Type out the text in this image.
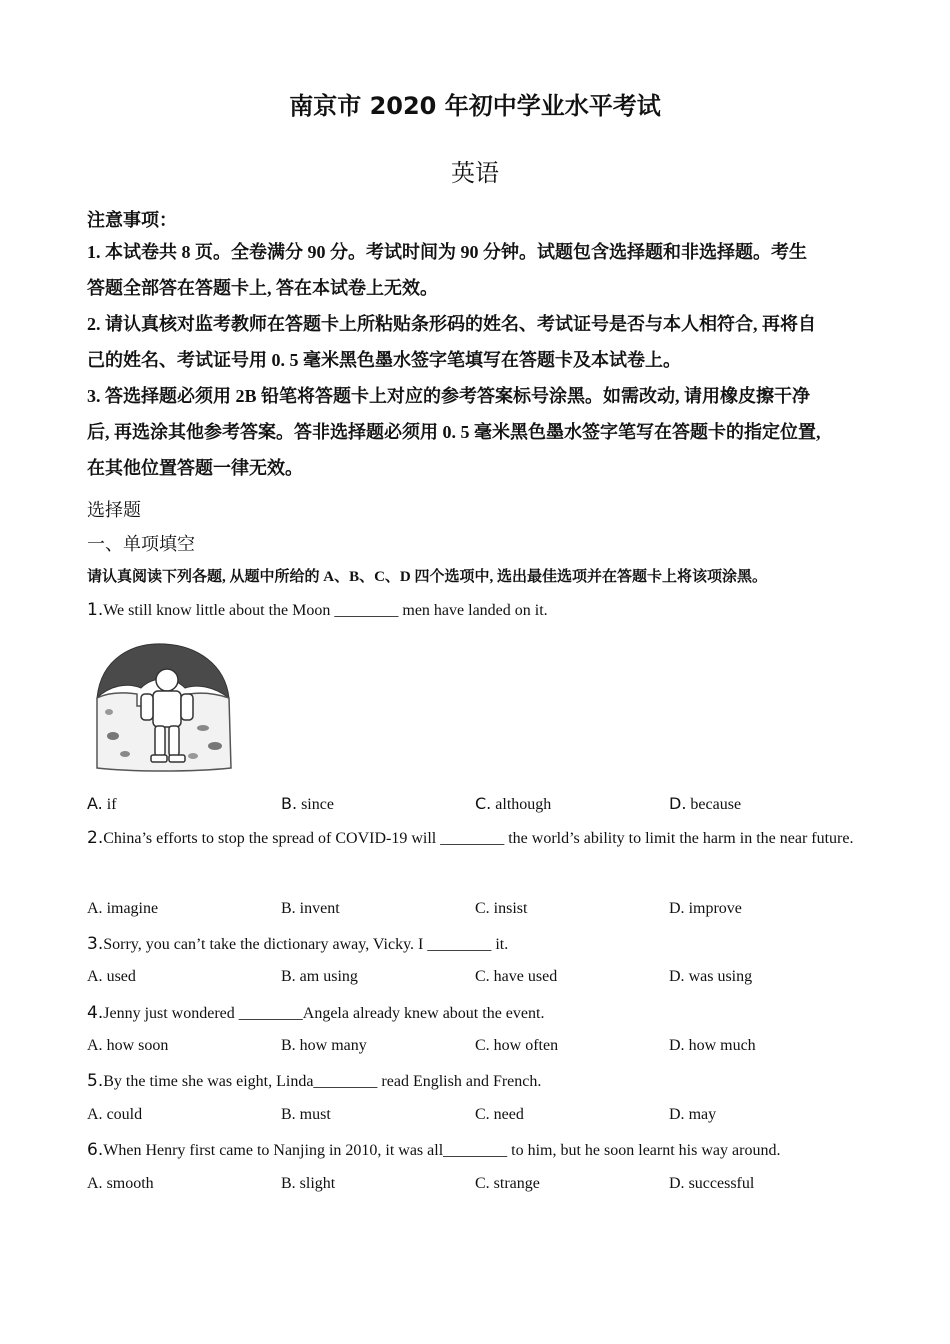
南京市 2020 年初中学业水平考试
英语
注意事项：
1. 本试卷共 8 页。全卷满分 90 分。考试时间为 90 分钟。试题包含选择题和非选择题。考生
答题全部答在答题卡上, 答在本试卷上无效。
2. 请认真核对监考教师在答题卡上所粘贴条形码的姓名、考试证号是否与本人相符合, 再将自
己的姓名、考试证号用 0. 5 毫米黑色墨水签字笔填写在答题卡及本试卷上。
3. 答选择题必须用 2B 铅笔将答题卡上对应的参考答案标号涂黑。如需改动, 请用橡皮擦干净
后, 再选涂其他参考答案。答非选择题必须用 0. 5 毫米黑色墨水签字笔写在答题卡的指定位置,
在其他位置答题一律无效。
选择题
一、单项填空
请认真阅读下列各题, 从题中所给的 A、B、C、D 四个选项中, 选出最佳选项并在答题卡上将该项涂黑。
1.We still know little about the Moon ________ men have landed on it.
A. if	B. since	C. although	D. because
2.China’s efforts to stop the spread of COVID-19 will ________ the world’s ability to limit the harm in the near future.
A. imagine	B. invent	C. insist	D. improve
3.Sorry, you can’t take the dictionary away, Vicky. I ________ it.
A. used	B. am using	C. have used	D. was using
4.Jenny just wondered ________Angela already knew about the event.
A. how soon	B. how many	C. how often	D. how much
5.By the time she was eight, Linda________ read English and French.
A. could	B. must	C. need	D. may
6.When Henry first came to Nanjing in 2010, it was all________ to him, but he soon learnt his way around.
A. smooth	B. slight	C. strange	D. successful
